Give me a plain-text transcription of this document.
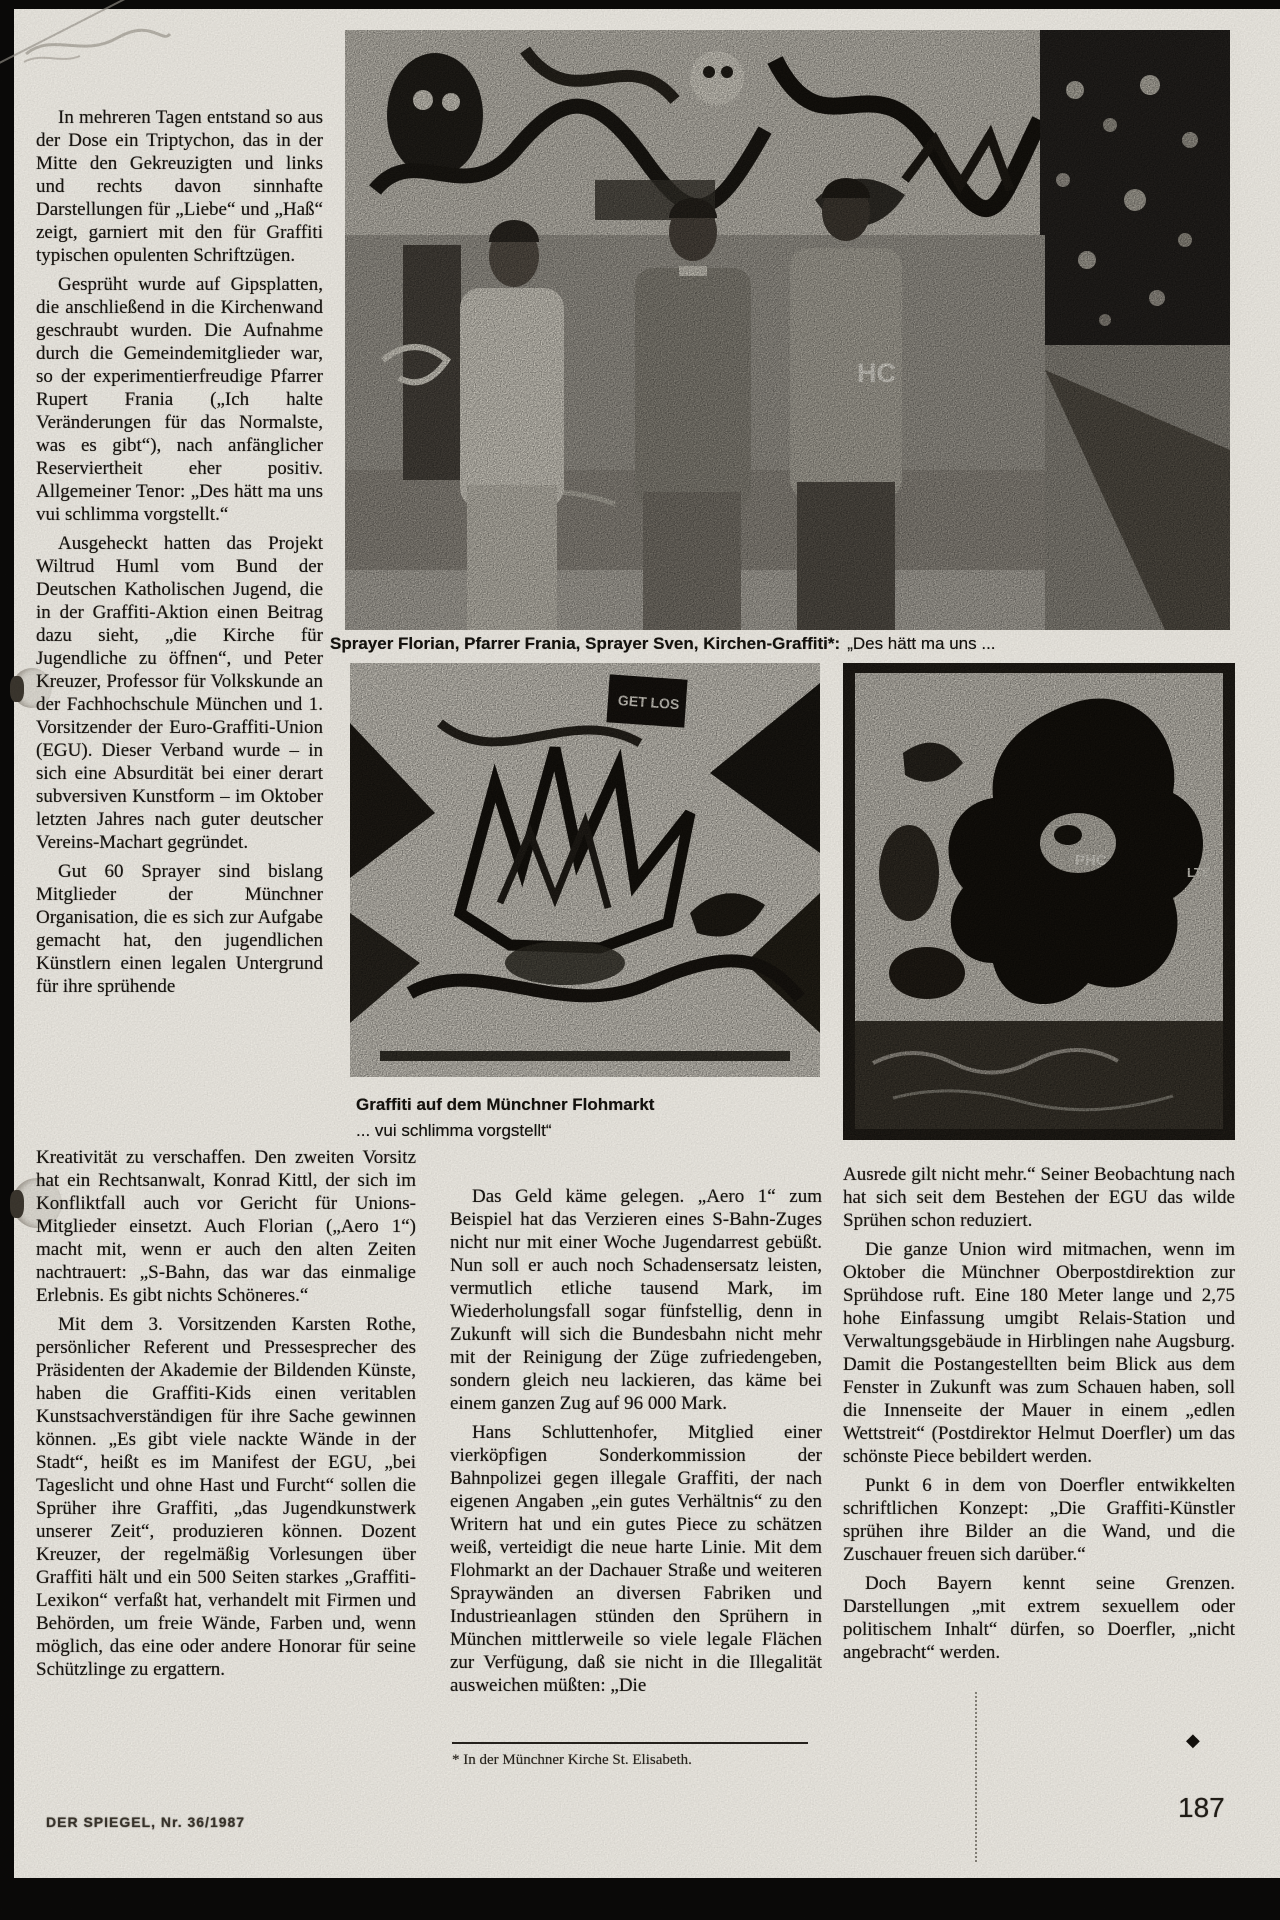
Sprayer Florian, Pfarrer Frania, Sprayer Sven, Kirchen-Graffiti*: „Des hätt ma uns ...
Graffiti auf dem Münchner Flohmarkt
... vui schlimma vorgstellt“

In mehreren Tagen entstand so aus der Dose ein Triptychon, das in der Mitte den Gekreuzigten und links und rechts davon sinnhafte Darstellungen für „Liebe“ und „Haß“ zeigt, garniert mit den für Graffiti typischen opulenten Schriftzügen.

Gesprüht wurde auf Gipsplatten, die anschließend in die Kirchenwand geschraubt wurden. Die Aufnahme durch die Gemeindemitglieder war, so der experimentierfreudige Pfarrer Rupert Frania („Ich halte Veränderungen für das Normalste, was es gibt“), nach anfänglicher Reserviertheit eher positiv. Allgemeiner Tenor: „Des hätt ma uns vui schlimma vorgstellt.“

Ausgeheckt hatten das Projekt Wiltrud Huml vom Bund der Deutschen Katholischen Jugend, die in der Graffiti-Aktion einen Beitrag dazu sieht, „die Kirche für Jugendliche zu öffnen“, und Peter Kreuzer, Professor für Volkskunde an der Fachhochschule München und 1. Vorsitzender der Euro-Graffiti-Union (EGU). Dieser Verband wurde – in sich eine Absurdität bei einer derart subversiven Kunstform – im Oktober letzten Jahres nach guter deutscher Vereins-Machart gegründet.

Gut 60 Sprayer sind bislang Mitglieder der Münchner Organisation, die es sich zur Aufgabe gemacht hat, den jugendlichen Künstlern einen legalen Untergrund für ihre sprühende

Kreativität zu verschaffen. Den zweiten Vorsitz hat ein Rechtsanwalt, Konrad Kittl, der sich im Konfliktfall auch vor Gericht für Unions-Mitglieder einsetzt. Auch Florian („Aero 1“) macht mit, wenn er auch den alten Zeiten nachtrauert: „S-Bahn, das war das einmalige Erlebnis. Es gibt nichts Schöneres.“

Mit dem 3. Vorsitzenden Karsten Rothe, persönlicher Referent und Pressesprecher des Präsidenten der Akademie der Bildenden Künste, haben die Graffiti-Kids einen veritablen Kunstsachverständigen für ihre Sache gewinnen können. „Es gibt viele nackte Wände in der Stadt“, heißt es im Manifest der EGU, „bei Tageslicht und ohne Hast und Furcht“ sollen die Sprüher ihre Graffiti, „das Jugendkunstwerk unserer Zeit“, produzieren können. Dozent Kreuzer, der regelmäßig Vorlesungen über Graffiti hält und ein 500 Seiten starkes „Graffiti-Lexikon“ verfaßt hat, verhandelt mit Firmen und Behörden, um freie Wände, Farben und, wenn möglich, das eine oder andere Honorar für seine Schützlinge zu ergattern.

Das Geld käme gelegen. „Aero 1“ zum Beispiel hat das Verzieren eines S-Bahn-Zuges nicht nur mit einer Woche Jugendarrest gebüßt. Nun soll er auch noch Schadensersatz leisten, vermutlich etliche tausend Mark, im Wiederholungsfall sogar fünfstellig, denn in Zukunft will sich die Bundesbahn nicht mehr mit der Reinigung der Züge zufriedengeben, sondern gleich neu lackieren, das käme bei einem ganzen Zug auf 96 000 Mark.

Hans Schluttenhofer, Mitglied einer vierköpfigen Sonderkommission der Bahnpolizei gegen illegale Graffiti, der nach eigenen Angaben „ein gutes Verhältnis“ zu den Writern hat und ein gutes Piece zu schätzen weiß, verteidigt die neue harte Linie. Mit dem Flohmarkt an der Dachauer Straße und weiteren Spraywänden an diversen Fabriken und Industrieanlagen stünden den Sprühern in München mittlerweile so viele legale Flächen zur Verfügung, daß sie nicht in die Illegalität ausweichen müßten: „Die

Ausrede gilt nicht mehr.“ Seiner Beobachtung nach hat sich seit dem Bestehen der EGU das wilde Sprühen schon reduziert.

Die ganze Union wird mitmachen, wenn im Oktober die Münchner Oberpostdirektion zur Sprühdose ruft. Eine 180 Meter lange und 2,75 hohe Einfassung umgibt Relais-Station und Verwaltungsgebäude in Hirblingen nahe Augsburg. Damit die Postangestellten beim Blick aus dem Fenster in Zukunft was zum Schauen haben, soll die Innenseite der Mauer in einem „edlen Wettstreit“ (Postdirektor Helmut Doerfler) um das schönste Piece bebildert werden.

Punkt 6 in dem von Doerfler entwikkelten schriftlichen Konzept: „Die Graffiti-Künstler sprühen ihre Bilder an die Wand, und die Zuschauer freuen sich darüber.“

Doch Bayern kennt seine Grenzen. Darstellungen „mit extrem sexuellem oder politischem Inhalt“ dürfen, so Doerfler, „nicht angebracht“ werden.

* In der Münchner Kirche St. Elisabeth.
◆
DER SPIEGEL, Nr. 36/1987	187
